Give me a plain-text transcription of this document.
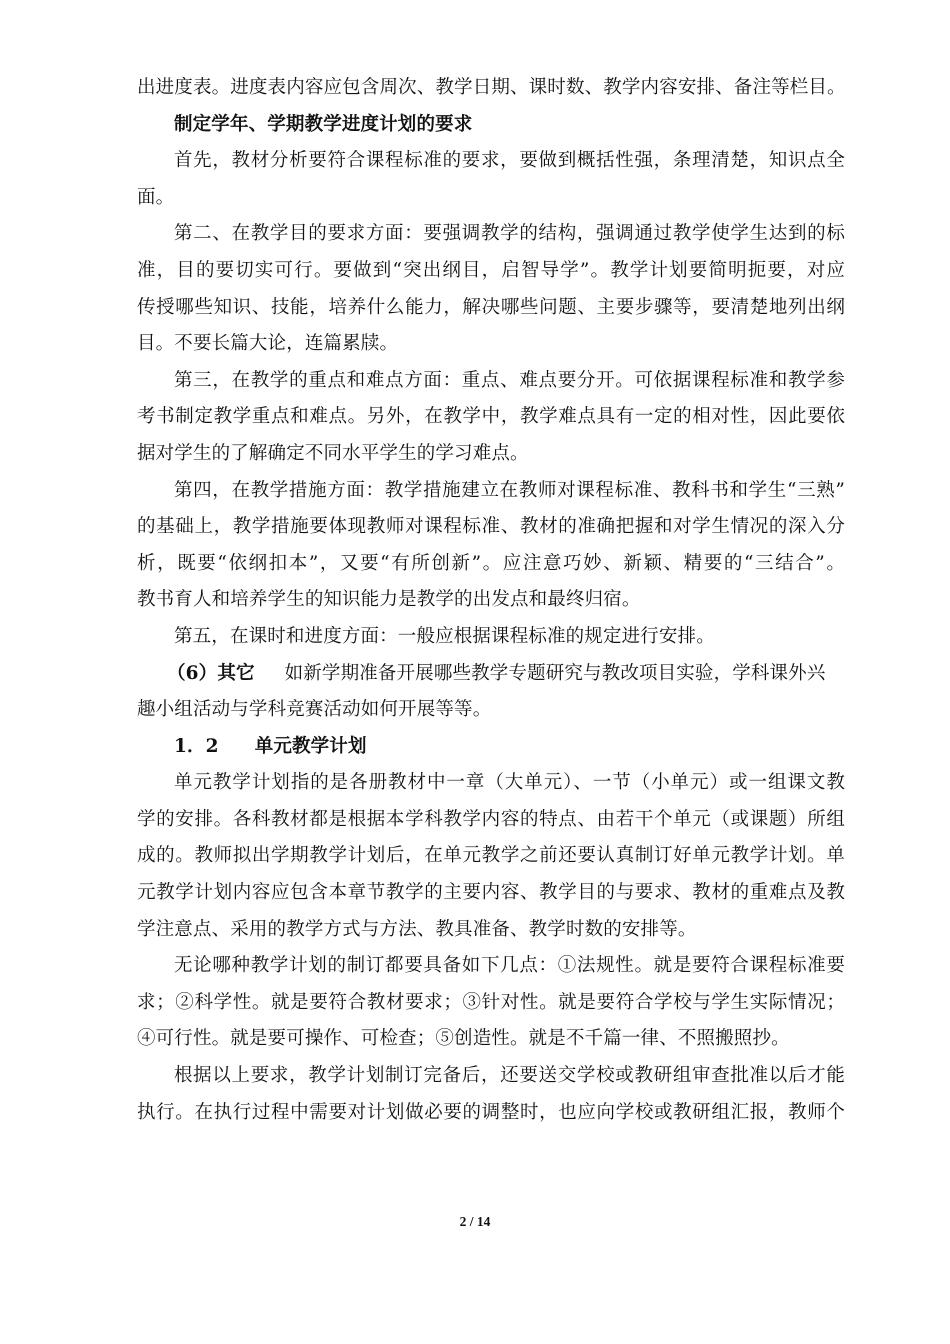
出进度表。进度表内容应包含周次、教学日期、课时数、教学内容安排、备注等栏目。
制定学年、学期教学进度计划的要求
首先，教材分析要符合课程标准的要求，要做到概括性强，条理清楚，知识点全
面。
第二、在教学目的要求方面：要强调教学的结构，强调通过教学使学生达到的标
准，目的要切实可行。要做到“突出纲目，启智导学”。教学计划要简明扼要，对应
传授哪些知识、技能，培养什么能力，解决哪些问题、主要步骤等，要清楚地列出纲
目。不要长篇大论，连篇累牍。
第三，在教学的重点和难点方面：重点、难点要分开。可依据课程标准和教学参
考书制定教学重点和难点。另外，在教学中，教学难点具有一定的相对性，因此要依
据对学生的了解确定不同水平学生的学习难点。
第四，在教学措施方面：教学措施建立在教师对课程标准、教科书和学生“三熟”
的基础上，教学措施要体现教师对课程标准、教材的准确把握和对学生情况的深入分
析，既要“依纲扣本”，又要“有所创新”。应注意巧妙、新颖、精要的“三结合”。
教书育人和培养学生的知识能力是教学的出发点和最终归宿。
第五，在课时和进度方面：一般应根据课程标准的规定进行安排。
（6）其它 如新学期准备开展哪些教学专题研究与教改项目实验，学科课外兴
趣小组活动与学科竞赛活动如何开展等等。
1．2 单元教学计划
单元教学计划指的是各册教材中一章（大单元）、一节（小单元）或一组课文教
学的安排。各科教材都是根据本学科教学内容的特点、由若干个单元（或课题）所组
成的。教师拟出学期教学计划后，在单元教学之前还要认真制订好单元教学计划。单
元教学计划内容应包含本章节教学的主要内容、教学目的与要求、教材的重难点及教
学注意点、采用的教学方式与方法、教具准备、教学时数的安排等。
无论哪种教学计划的制订都要具备如下几点：①法规性。就是要符合课程标准要
求；②科学性。就是要符合教材要求；③针对性。就是要符合学校与学生实际情况；
④可行性。就是要可操作、可检查；⑤创造性。就是不千篇一律、不照搬照抄。
根据以上要求，教学计划制订完备后，还要送交学校或教研组审查批准以后才能
执行。在执行过程中需要对计划做必要的调整时，也应向学校或教研组汇报，教师个
2 / 14
